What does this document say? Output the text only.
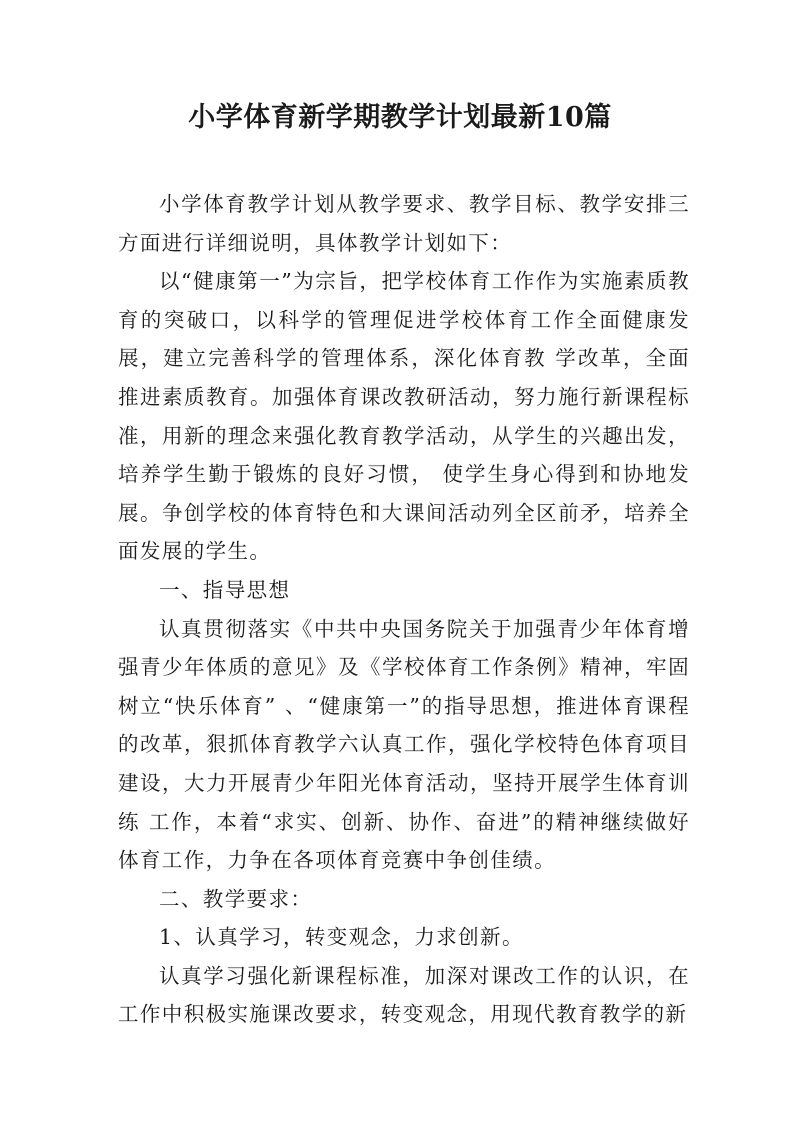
小学体育新学期教学计划最新10篇

小学体育教学计划从教学要求、教学目标、教学安排三方面进行详细说明，具体教学计划如下：

以“健康第一”为宗旨，把学校体育工作作为实施素质教育的突破口，以科学的管理促进学校体育工作全面健康发展，建立完善科学的管理体系，深化体育教 学改革，全面推进素质教育。加强体育课改教研活动，努力施行新课程标准，用新的理念来强化教育教学活动，从学生的兴趣出发，培养学生勤于锻炼的良好习惯， 使学生身心得到和协地发展。争创学校的体育特色和大课间活动列全区前矛，培养全面发展的学生。

一、指导思想

认真贯彻落实《中共中央国务院关于加强青少年体育增强青少年体质的意见》及《学校体育工作条例》精神，牢固树立“快乐体育” 、“健康第一”的指导思想，推进体育课程的改革，狠抓体育教学六认真工作，强化学校特色体育项目建设，大力开展青少年阳光体育活动，坚持开展学生体育训练 工作，本着“求实、创新、协作、奋进”的精神继续做好体育工作，力争在各项体育竞赛中争创佳绩。

二、教学要求：

1、认真学习，转变观念，力求创新。

认真学习强化新课程标准，加深对课改工作的认识，在工作中积极实施课改要求，转变观念，用现代教育教学的新
